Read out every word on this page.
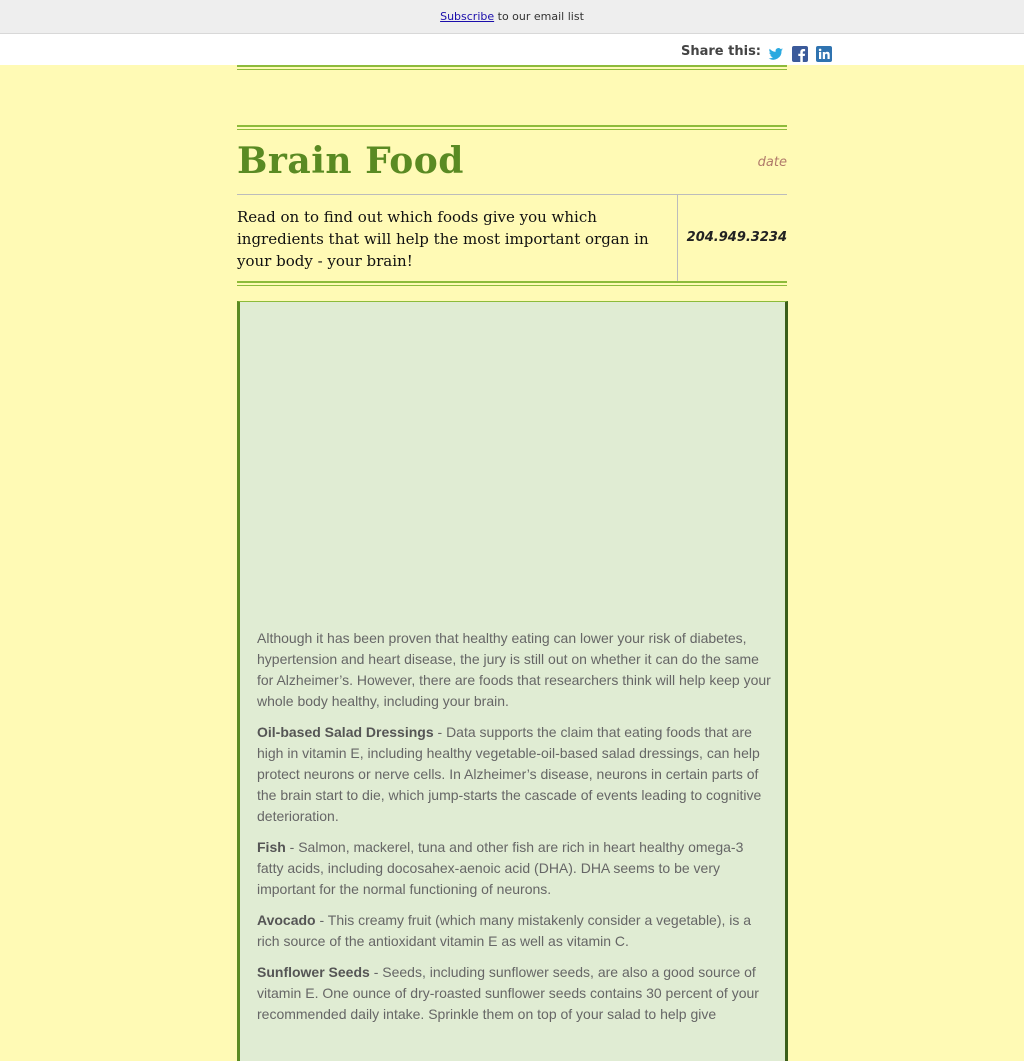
Subscribe to our email list
Share this:
Brain Food	date
Read on to find out which foods give you which ingredients that will help the most important organ in your body - your brain!
204.949.3234

Although it has been proven that healthy eating can lower your risk of diabetes, hypertension and heart disease, the jury is still out on whether it can do the same for Alzheimer’s. However, there are foods that researchers think will help keep your whole body healthy, including your brain.

Oil-based Salad Dressings - Data supports the claim that eating foods that are high in vitamin E, including healthy vegetable-oil-based salad dressings, can help protect neurons or nerve cells. In Alzheimer’s disease, neurons in certain parts of the brain start to die, which jump-starts the cascade of events leading to cognitive deterioration.

Fish - Salmon, mackerel, tuna and other fish are rich in heart healthy omega-3 fatty acids, including docosahex-aenoic acid (DHA). DHA seems to be very important for the normal functioning of neurons.

Avocado - This creamy fruit (which many mistakenly consider a vegetable), is a rich source of the antioxidant vitamin E as well as vitamin C.

Sunflower Seeds - Seeds, including sunflower seeds, are also a good source of vitamin E. One ounce of dry-roasted sunflower seeds contains 30 percent of your recommended daily intake. Sprinkle them on top of your salad to help give
